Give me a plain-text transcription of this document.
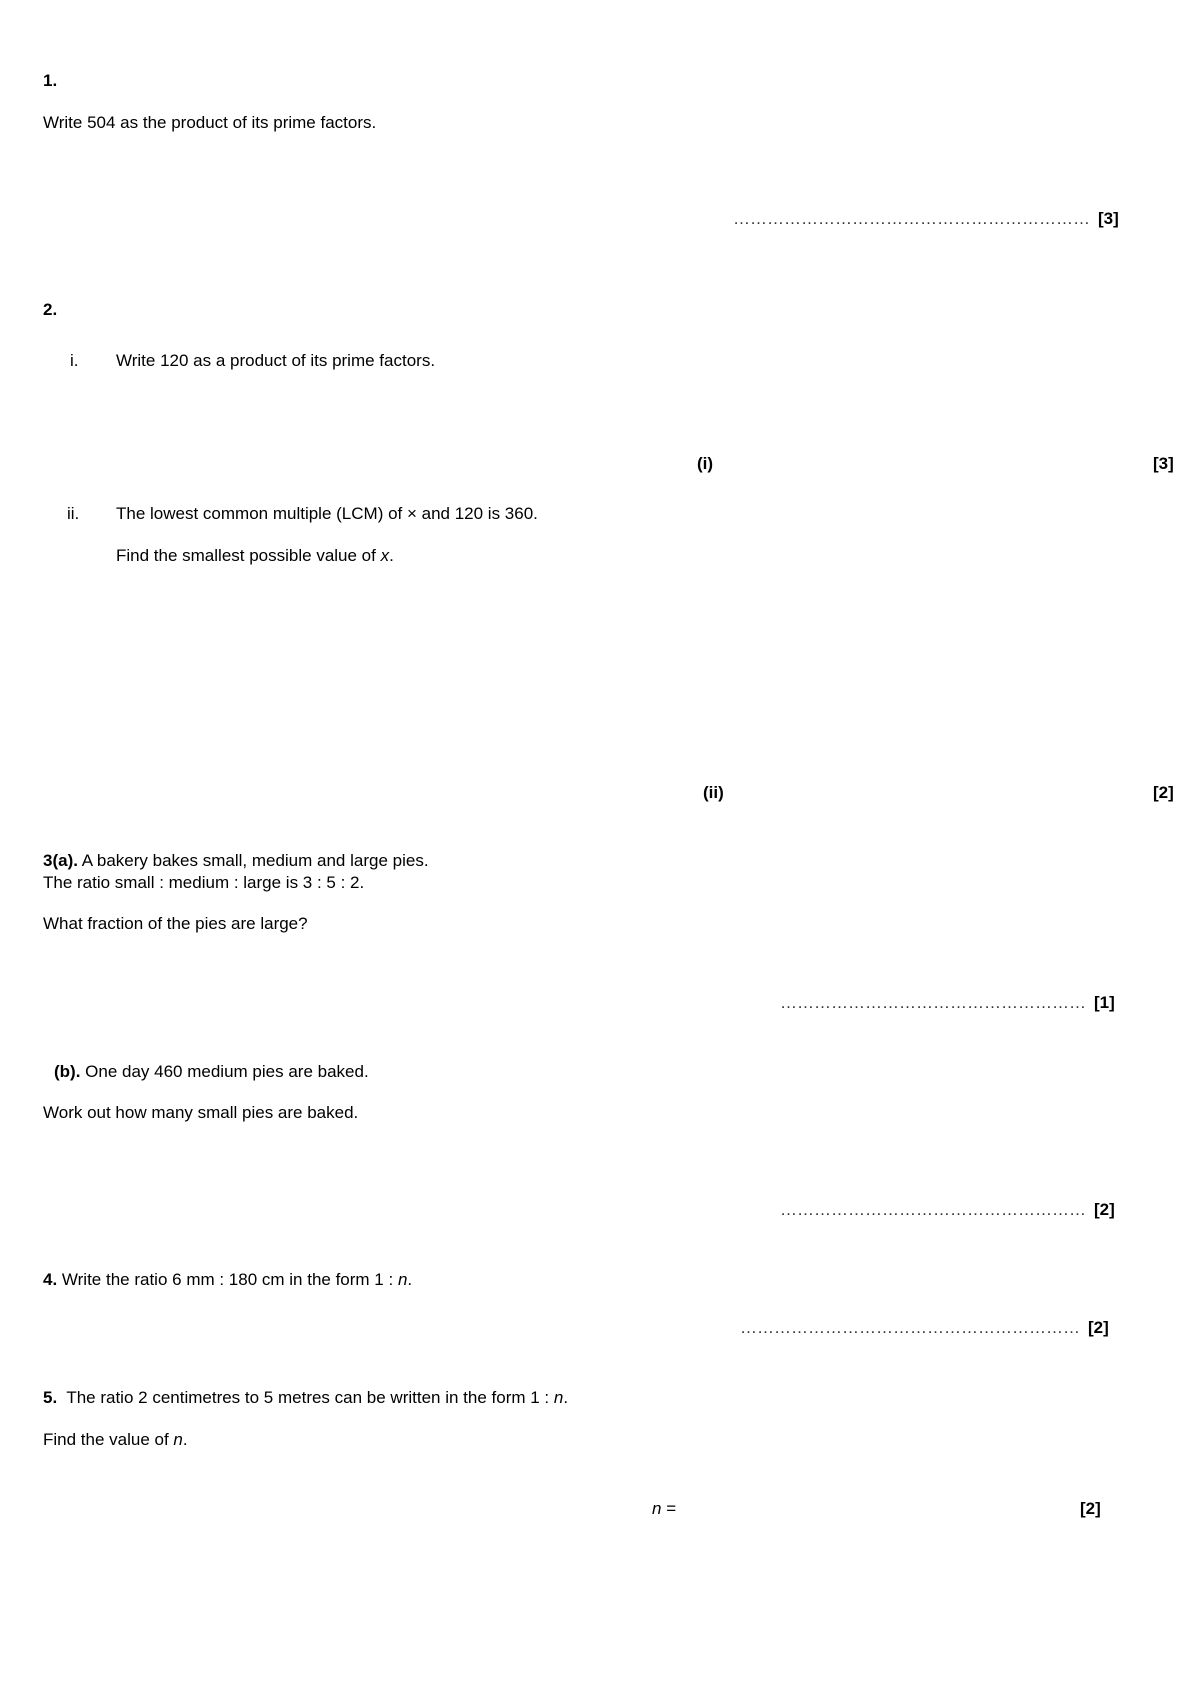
1.
Write 504 as the product of its prime factors.
……………………………………………………… [3]
2.
i. Write 120 as a product of its prime factors.
(i)	[3]
ii. The lowest common multiple (LCM) of × and 120 is 360.
Find the smallest possible value of x.
(ii)	[2]
3(a). A bakery bakes small, medium and large pies.
The ratio small : medium : large is 3 : 5 : 2.
What fraction of the pies are large?
……………………………………………… [1]
(b). One day 460 medium pies are baked.
Work out how many small pies are baked.
……………………………………………… [2]
4. Write the ratio 6 mm : 180 cm in the form 1 : n.
…………………………………………………… [2]
5.  The ratio 2 centimetres to 5 metres can be written in the form 1 : n.
Find the value of n.
n =	[2]
